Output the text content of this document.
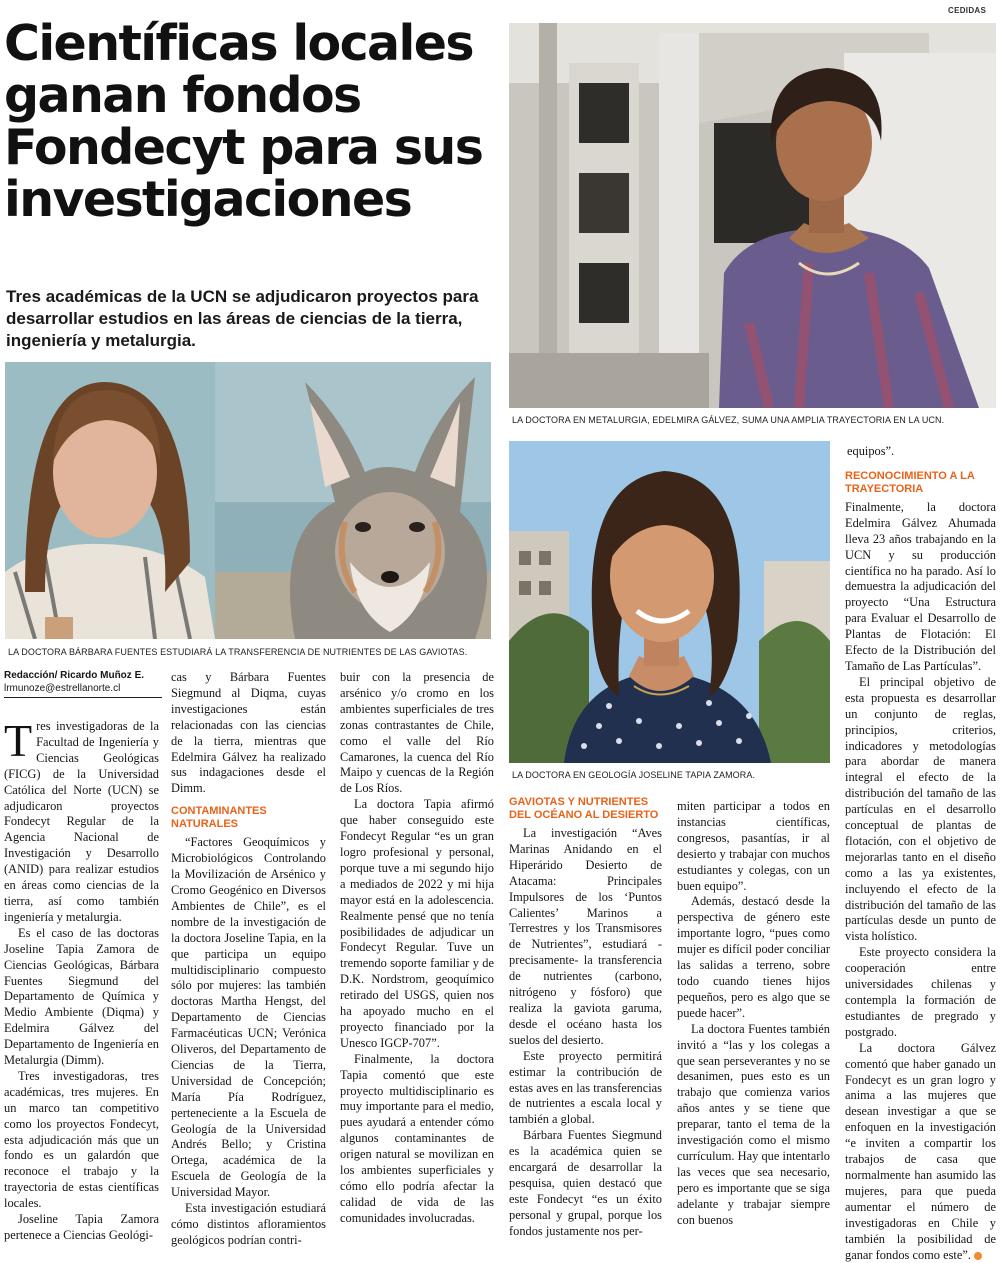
CEDIDAS
Científicas locales ganan fondos Fondecyt para sus investigaciones

Tres académicas de la UCN se adjudicaron proyectos para desarrollar estudios en las áreas de ciencias de la tierra, ingeniería y metalurgia.

LA DOCTORA EN METALURGIA, EDELMIRA GÁLVEZ, SUMA UNA AMPLIA TRAYECTORIA EN LA UCN.
LA DOCTORA BÁRBARA FUENTES ESTUDIARÁ LA TRANSFERENCIA DE NUTRIENTES DE LAS GAVIOTAS.
LA DOCTORA EN GEOLOGÍA JOSELINE TAPIA ZAMORA.
Redacción/ Ricardo Muñoz E.
lrmunoze@estrellanorte.cl

Tres investigadoras de la Facultad de Ingeniería y Ciencias Geológicas (FICG) de la Universidad Católica del Norte (UCN) se adjudicaron proyectos Fondecyt Regular de la Agencia Nacional de Investigación y Desarrollo (ANID) para realizar estudios en áreas como ciencias de la tierra, así como también ingeniería y metalurgia.

Es el caso de las doctoras Joseline Tapia Zamora de Ciencias Geológicas, Bárbara Fuentes Siegmund del Departamento de Química y Medio Ambiente (Diqma) y Edelmira Gálvez del Departamento de Ingeniería en Metalurgia (Dimm).

Tres investigadoras, tres académicas, tres mujeres. En un marco tan competitivo como los proyectos Fondecyt, esta adjudicación más que un fondo es un galardón que reconoce el trabajo y la trayectoria de estas científicas locales.

Joseline Tapia Zamora pertenece a Ciencias Geológi-

cas y Bárbara Fuentes Siegmund al Diqma, cuyas investigaciones están relacionadas con las ciencias de la tierra, mientras que Edelmira Gálvez ha realizado sus indagaciones desde el Dimm.

CONTAMINANTES NATURALES

“Factores Geoquímicos y Microbiológicos Controlando la Movilización de Arsénico y Cromo Geogénico en Diversos Ambientes de Chile”, es el nombre de la investigación de la doctora Joseline Tapia, en la que participa un equipo multidisciplinario compuesto sólo por mujeres: las también doctoras Martha Hengst, del Departamento de Ciencias Farmacéuticas UCN; Verónica Oliveros, del Departamento de Ciencias de la Tierra, Universidad de Concepción; María Pía Rodríguez, perteneciente a la Escuela de Geología de la Universidad Andrés Bello; y Cristina Ortega, académica de la Escuela de Geología de la Universidad Mayor.

Esta investigación estudiará cómo distintos afloramientos geológicos podrían contri-

buir con la presencia de arsénico y/o cromo en los ambientes superficiales de tres zonas contrastantes de Chile, como el valle del Río Camarones, la cuenca del Río Maipo y cuencas de la Región de Los Ríos.

La doctora Tapia afirmó que haber conseguido este Fondecyt Regular “es un gran logro profesional y personal, porque tuve a mi segundo hijo a mediados de 2022 y mi hija mayor está en la adolescencia. Realmente pensé que no tenía posibilidades de adjudicar un Fondecyt Regular. Tuve un tremendo soporte familiar y de D.K. Nordstrom, geoquímico retirado del USGS, quien nos ha apoyado mucho en el proyecto financiado por la Unesco IGCP-707”.

Finalmente, la doctora Tapia comentó que este proyecto multidisciplinario es muy importante para el medio, pues ayudará a entender cómo algunos contaminantes de origen natural se movilizan en los ambientes superficiales y cómo ello podría afectar la calidad de vida de las comunidades involucradas.

GAVIOTAS Y NUTRIENTES DEL OCÉANO AL DESIERTO

La investigación “Aves Marinas Anidando en el Hiperárido Desierto de Atacama: Principales Impulsores de los ‘Puntos Calientes’ Marinos a Terrestres y los Transmisores de Nutrientes”, estudiará -precisamente- la transferencia de nutrientes (carbono, nitrógeno y fósforo) que realiza la gaviota garuma, desde el océano hasta los suelos del desierto.

Este proyecto permitirá estimar la contribución de estas aves en las transferencias de nutrientes a escala local y también a global.

Bárbara Fuentes Siegmund es la académica quien se encargará de desarrollar la pesquisa, quien destacó que este Fondecyt “es un éxito personal y grupal, porque los fondos justamente nos per-

miten participar a todos en instancias científicas, congresos, pasantías, ir al desierto y trabajar con muchos estudiantes y colegas, con un buen equipo”.

Además, destacó desde la perspectiva de género este importante logro, “pues como mujer es difícil poder conciliar las salidas a terreno, sobre todo cuando tienes hijos pequeños, pero es algo que se puede hacer”.

La doctora Fuentes también invitó a “las y los colegas a que sean perseverantes y no se desanimen, pues esto es un trabajo que comienza varios años antes y se tiene que preparar, tanto el tema de la investigación como el mismo currículum. Hay que intentarlo las veces que sea necesario, pero es importante que se siga adelante y trabajar siempre con buenos

equipos”.

RECONOCIMIENTO A LA TRAYECTORIA

Finalmente, la doctora Edelmira Gálvez Ahumada lleva 23 años trabajando en la UCN y su producción científica no ha parado. Así lo demuestra la adjudicación del proyecto “Una Estructura para Evaluar el Desarrollo de Plantas de Flotación: El Efecto de la Distribución del Tamaño de Las Partículas”.

El principal objetivo de esta propuesta es desarrollar un conjunto de reglas, principios, criterios, indicadores y metodologías para abordar de manera integral el efecto de la distribución del tamaño de las partículas en el desarrollo conceptual de plantas de flotación, con el objetivo de mejorarlas tanto en el diseño como a las ya existentes, incluyendo el efecto de la distribución del tamaño de las partículas desde un punto de vista holístico.

Este proyecto considera la cooperación entre universidades chilenas y contempla la formación de estudiantes de pregrado y postgrado.

La doctora Gálvez comentó que haber ganado un Fondecyt es un gran logro y anima a las mujeres que desean investigar a que se enfoquen en la investigación “e inviten a compartir los trabajos de casa que normalmente han asumido las mujeres, para que pueda aumentar el número de investigadoras en Chile y también la posibilidad de ganar fondos como este”.
